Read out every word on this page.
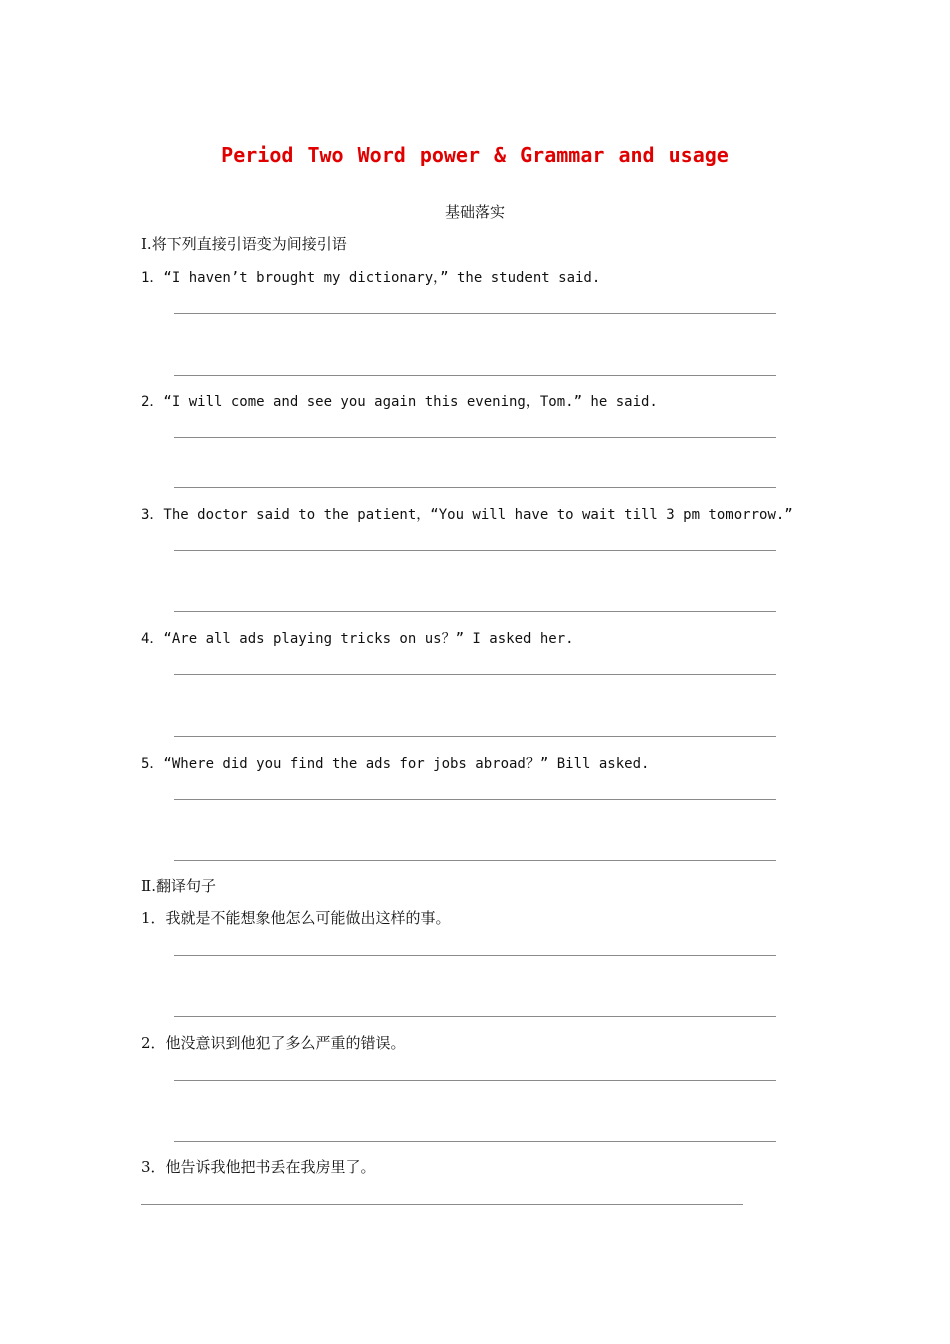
Period Two Word power & Grammar and usage
基础落实
Ⅰ.将下列直接引语变为间接引语
1．“I haven’t brought my dictionary，” the student said.
2．“I will come and see you again this evening，Tom.” he said.
3．The doctor said to the patient，“You will have to wait till 3 pm tomorrow.”
4．“Are all ads playing tricks on us？” I asked her.
5．“Where did you find the ads for jobs abroad？” Bill asked.
Ⅱ.翻译句子
1．我就是不能想象他怎么可能做出这样的事。
2．他没意识到他犯了多么严重的错误。
3．他告诉我他把书丢在我房里了。
